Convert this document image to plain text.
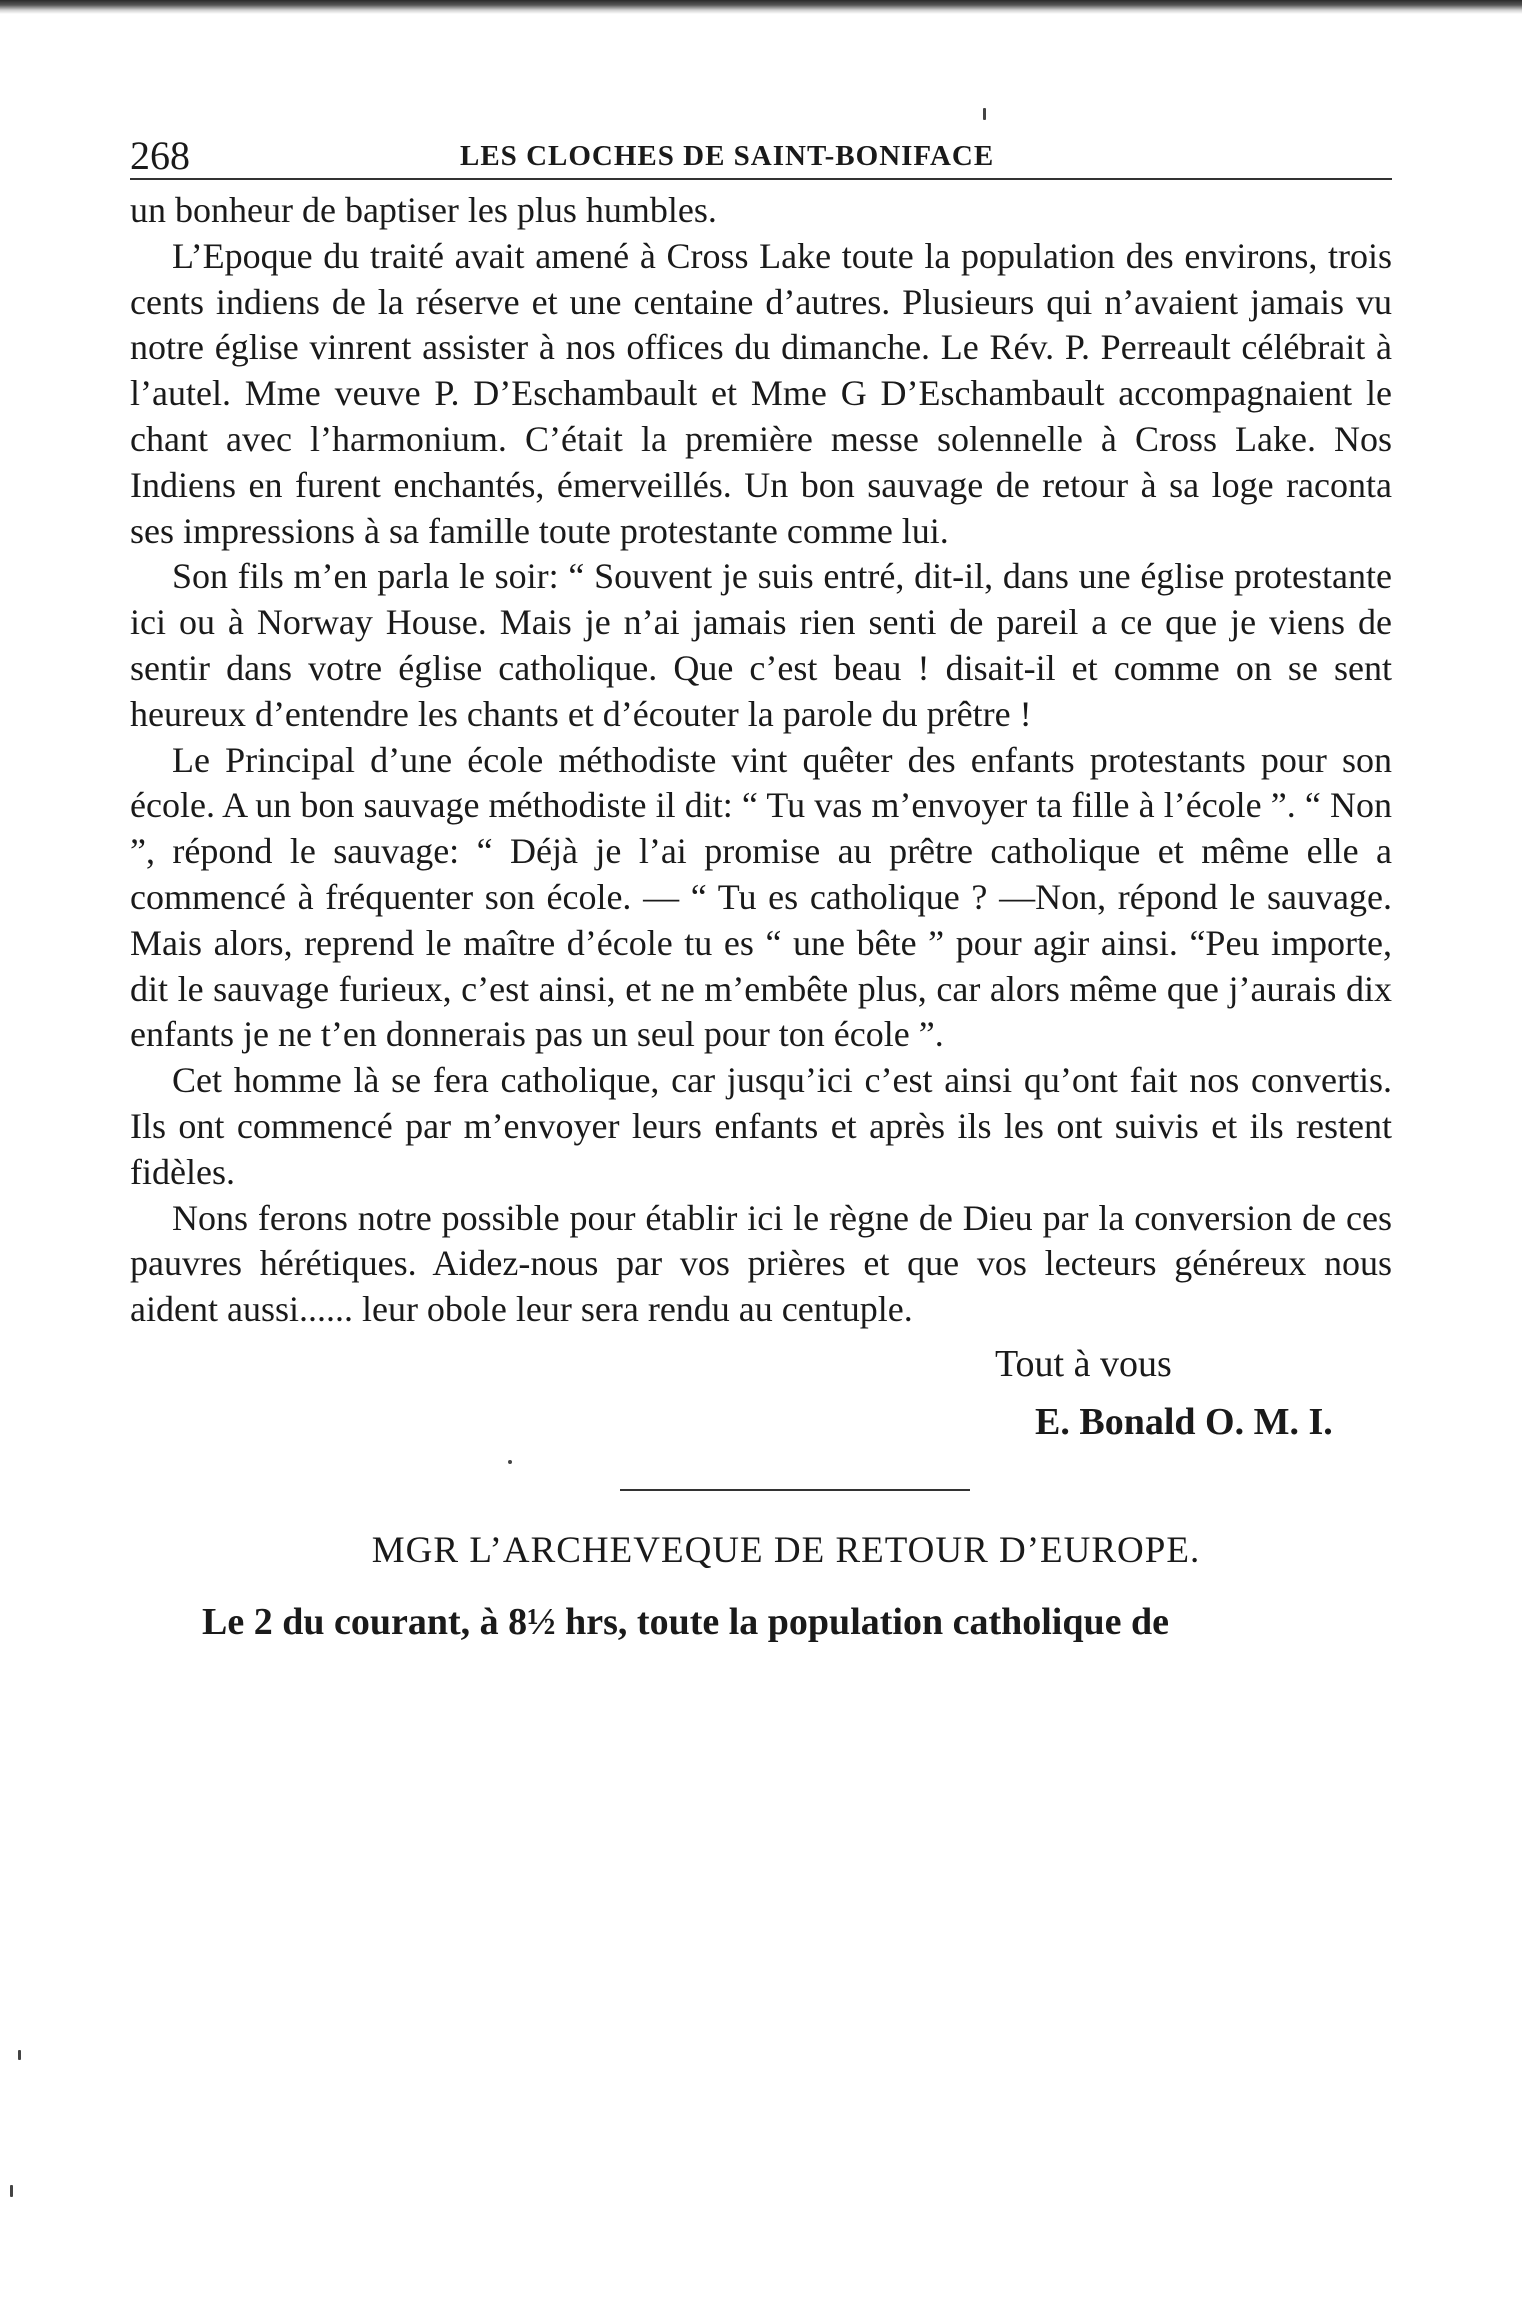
268	LES CLOCHES DE SAINT-BONIFACE

un bonheur de baptiser les plus humbles.

L’Epoque du traité avait amené à Cross Lake toute la population des environs, trois cents indiens de la réserve et une centaine d’autres. Plusieurs qui n’avaient jamais vu notre église vinrent assister à nos offices du dimanche. Le Rév. P. Perreault célébrait à l’autel. Mme veuve P. D’Eschambault et Mme G D’Eschambault accompagnaient le chant avec l’harmonium. C’était la première messe solennelle à Cross Lake. Nos Indiens en furent enchantés, émerveillés. Un bon sauvage de retour à sa loge raconta ses impressions à sa famille toute protestante comme lui.

Son fils m’en parla le soir: “ Souvent je suis entré, dit-il, dans une église protestante ici ou à Norway House. Mais je n’ai jamais rien senti de pareil a ce que je viens de sentir dans votre église catholique. Que c’est beau ! disait-il et comme on se sent heureux d’entendre les chants et d’écouter la parole du prêtre !

Le Principal d’une école méthodiste vint quêter des enfants protestants pour son école. A un bon sauvage méthodiste il dit: “ Tu vas m’envoyer ta fille à l’école ”. “ Non ”, répond le sauvage: “ Déjà je l’ai promise au prêtre catholique et même elle a commencé à fréquenter son école. — “ Tu es catholique ? —Non, répond le sauvage. Mais alors, reprend le maître d’école tu es “ une bête ” pour agir ainsi. “Peu importe, dit le sauvage furieux, c’est ainsi, et ne m’embête plus, car alors même que j’aurais dix enfants je ne t’en donnerais pas un seul pour ton école ”.

Cet homme là se fera catholique, car jusqu’ici c’est ainsi qu’ont fait nos convertis. Ils ont commencé par m’envoyer leurs enfants et après ils les ont suivis et ils restent fidèles.

Nons ferons notre possible pour établir ici le règne de Dieu par la conversion de ces pauvres hérétiques. Aidez-nous par vos prières et que vos lecteurs généreux nous aident aussi...... leur obole leur sera rendu au centuple.

Tout à vous
E. Bonald O. M. I.
MGR L’ARCHEVEQUE DE RETOUR D’EUROPE.
Le 2 du courant, à 8½ hrs, toute la population catholique de
